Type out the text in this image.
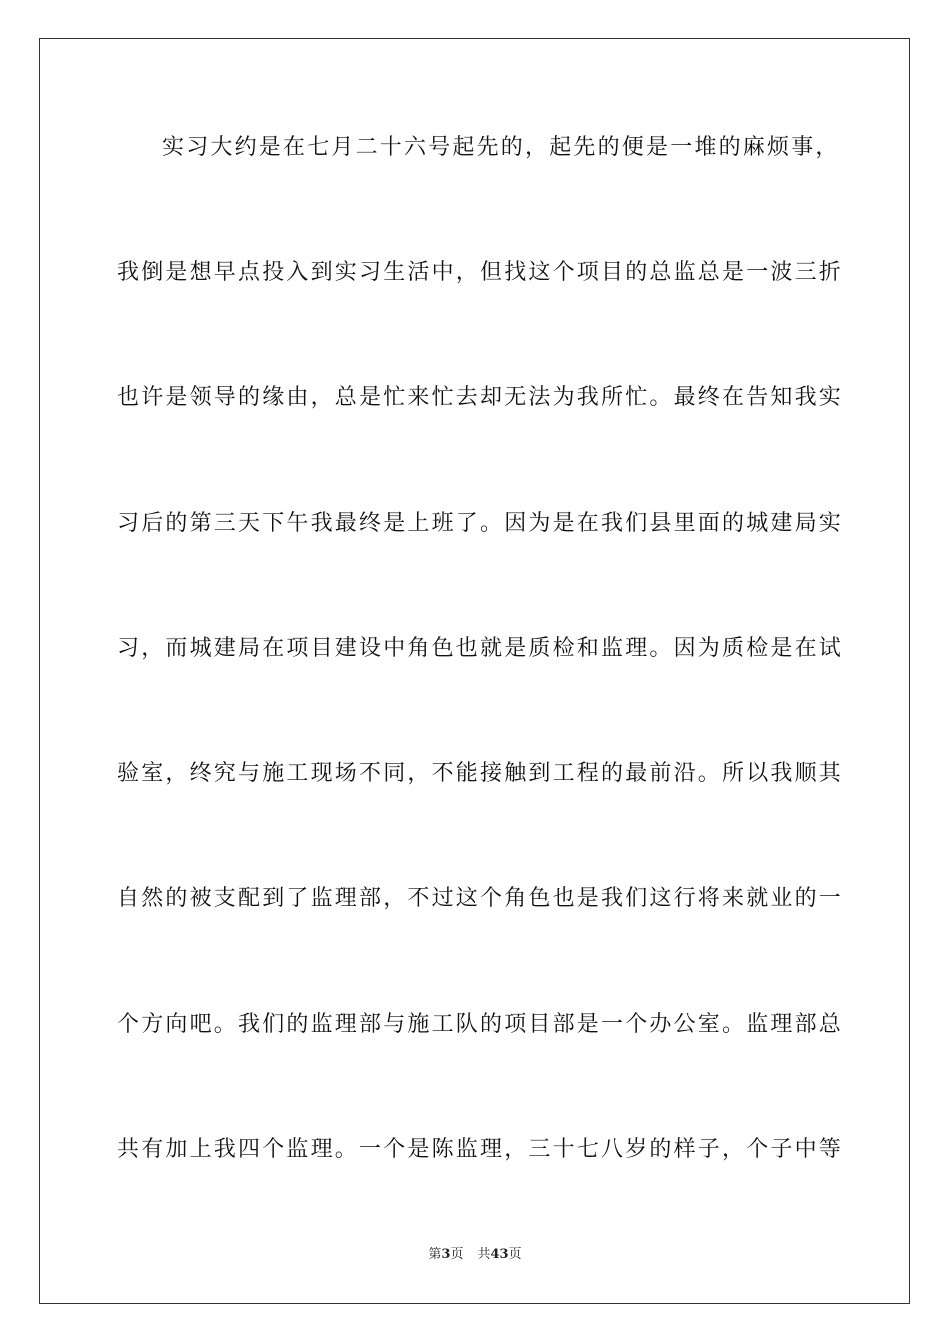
实习大约是在七月二十六号起先的，起先的便是一堆的麻烦事，
我倒是想早点投入到实习生活中，但找这个项目的总监总是一波三折
也许是领导的缘由，总是忙来忙去却无法为我所忙。最终在告知我实
习后的第三天下午我最终是上班了。因为是在我们县里面的城建局实
习，而城建局在项目建设中角色也就是质检和监理。因为质检是在试
验室，终究与施工现场不同，不能接触到工程的最前沿。所以我顺其
自然的被支配到了监理部，不过这个角色也是我们这行将来就业的一
个方向吧。我们的监理部与施工队的项目部是一个办公室。监理部总
共有加上我四个监理。一个是陈监理，三十七八岁的样子，个子中等
第3页 共43页
